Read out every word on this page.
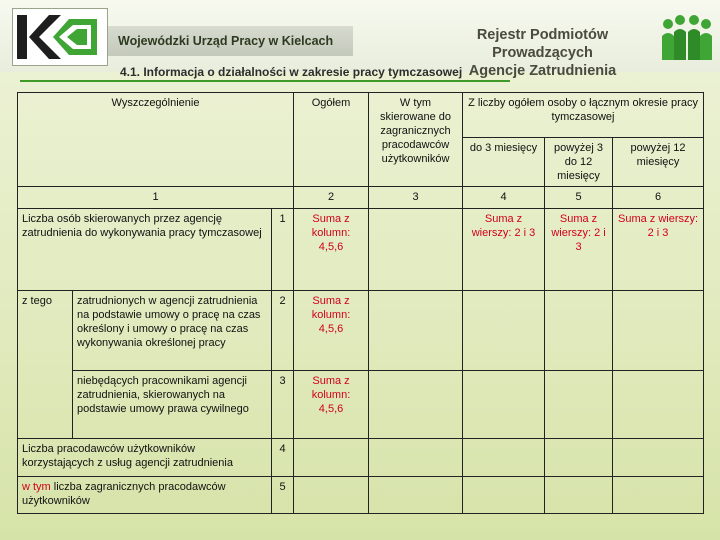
Wojewódzki Urząd Pracy w Kielcach	Rejestr Podmiotów Prowadzących
Agencje Zatrudnienia
4.1. Informacja o działalności w zakresie pracy tymczasowej
Wyszczególnienie			Ogółem	W tym skierowane do zagranicznych pracodawców użytkowników	Z liczby ogółem osoby o łącznym okresie pracy tymczasowej		
					do 3 miesięcy	powyżej 3 do 12 miesięcy	powyżej 12 miesięcy
1			2	3	4	5	6
Liczba osób skierowanych przez agencję zatrudnienia do wykonywania pracy tymczasowej		1	Suma z kolumn: 4,5,6		Suma z wierszy: 2 i 3	Suma z wierszy: 2 i 3	Suma z wierszy: 2 i 3
z tego	zatrudnionych w agencji zatrudnienia na podstawie umowy o pracę na czas określony i umowy o pracę na czas wykonywania określonej pracy	2	Suma z kolumn: 4,5,6				
	niebędących pracownikami agencji zatrudnienia, skierowanych na podstawie umowy prawa cywilnego	3	Suma z kolumn: 4,5,6				
Liczba pracodawców użytkowników korzystających z usług agencji zatrudnienia		4					
w tym liczba zagranicznych pracodawców użytkowników		5					
